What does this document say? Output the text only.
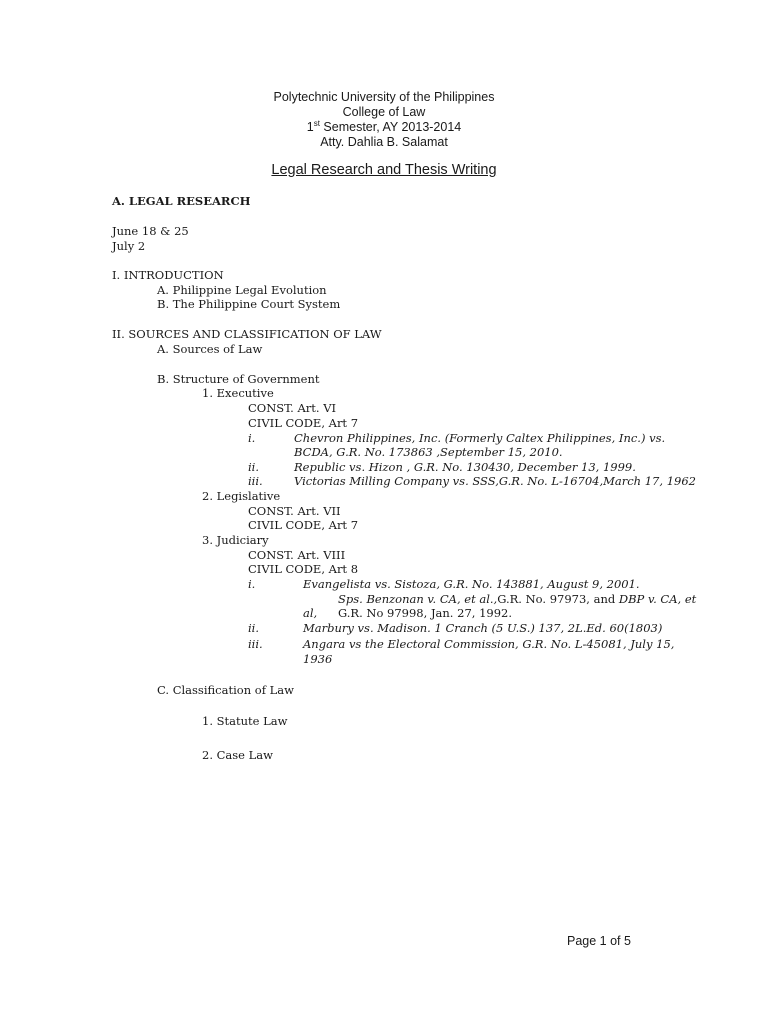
Polytechnic University of the Philippines
College of Law
1st Semester, AY 2013-2014
Atty. Dahlia B. Salamat
Legal Research and Thesis Writing
A. LEGAL RESEARCH
June 18 & 25
July 2
I. INTRODUCTION
A. Philippine Legal Evolution
B. The Philippine Court System
II. SOURCES AND CLASSIFICATION OF LAW
A. Sources of Law
B. Structure of Government
1. Executive
CONST. Art. VI
CIVIL CODE, Art 7
i.	Chevron Philippines, Inc. (Formerly Caltex Philippines, Inc.) vs.
BCDA, G.R. No. 173863 ,September 15, 2010.
ii.	Republic vs. Hizon , G.R. No. 130430, December 13, 1999.
iii.	Victorias Milling Company vs. SSS,G.R. No. L-16704,March 17, 1962
2. Legislative
CONST. Art. VII
CIVIL CODE, Art 7
3. Judiciary
CONST. Art. VIII
CIVIL CODE, Art 8
i.	Evangelista vs. Sistoza, G.R. No. 143881, August 9, 2001.
Sps. Benzonan v. CA, et al.,G.R. No. 97973, and DBP v. CA, et
al, G.R. No 97998, Jan. 27, 1992.
ii.	Marbury vs. Madison. 1 Cranch (5 U.S.) 137, 2L.Ed. 60(1803)
iii.	Angara vs the Electoral Commission, G.R. No. L-45081, July 15,
1936
C. Classification of Law
1. Statute Law
2. Case Law
Page 1 of 5
